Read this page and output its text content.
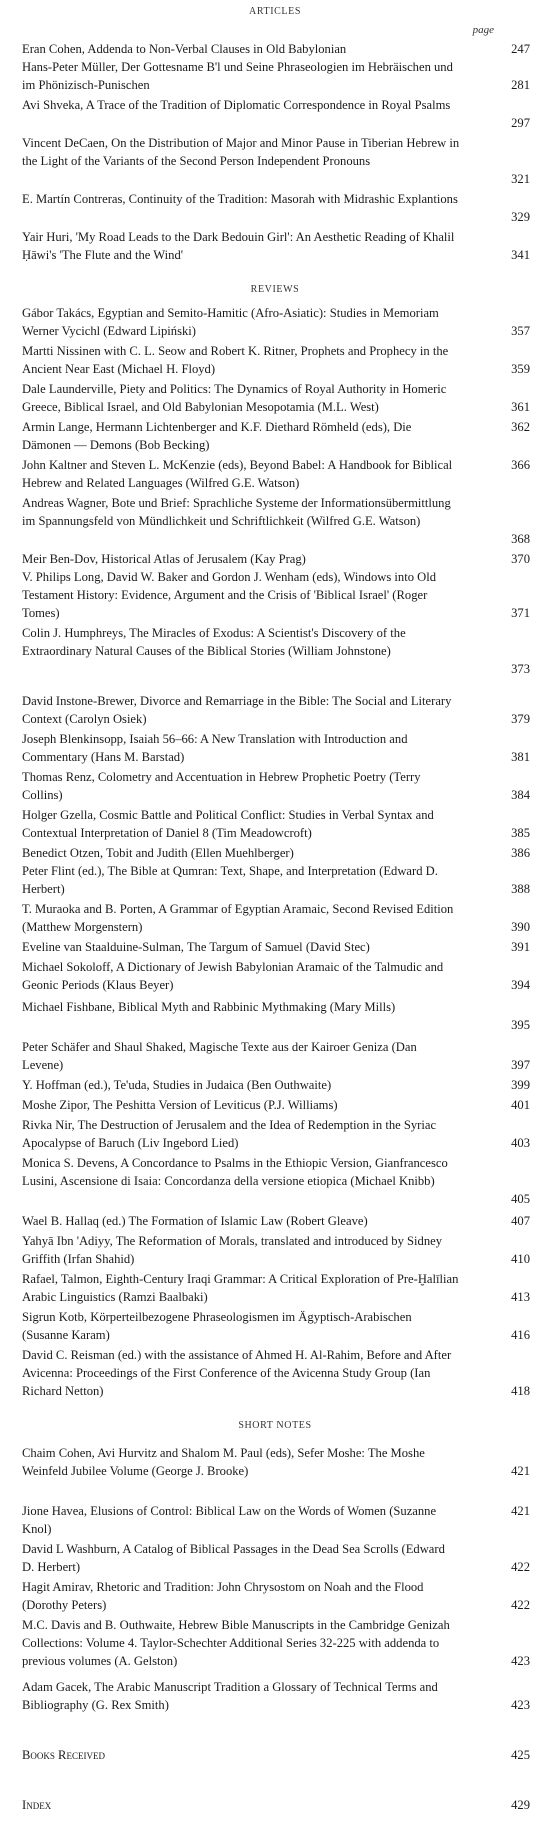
ARTICLES
page
Eran Cohen, Addenda to Non-Verbal Clauses in Old Babylonian	247
Hans-Peter Müller, Der Gottesname B'l und Seine Phraseologien im Hebräischen und im Phönizisch-Punischen	281
Avi Shveka, A Trace of the Tradition of Diplomatic Correspondence in Royal Psalms
297
Vincent DeCaen, On the Distribution of Major and Minor Pause in Tiberian Hebrew in the Light of the Variants of the Second Person Independent Pronouns
321
E. Martín Contreras, Continuity of the Tradition: Masorah with Midrashic Explantions
329
Yair Huri, 'My Road Leads to the Dark Bedouin Girl': An Aesthetic Reading of Khalil Ḥāwi's 'The Flute and the Wind'	341
REVIEWS
Gábor Takács, Egyptian and Semito-Hamitic (Afro-Asiatic): Studies in Memoriam Werner Vycichl (Edward Lipiński)	357
Martti Nissinen with C. L. Seow and Robert K. Ritner, Prophets and Prophecy in the Ancient Near East (Michael H. Floyd)	359
Dale Launderville, Piety and Politics: The Dynamics of Royal Authority in Homeric Greece, Biblical Israel, and Old Babylonian Mesopotamia (M.L. West)	361
Armin Lange, Hermann Lichtenberger and K.F. Diethard Römheld (eds), Die Dämonen — Demons (Bob Becking)
362
John Kaltner and Steven L. McKenzie (eds), Beyond Babel: A Handbook for Biblical Hebrew and Related Languages (Wilfred G.E. Watson)
366
Andreas Wagner, Bote und Brief: Sprachliche Systeme der Informationsübermittlung im Spannungsfeld von Mündlichkeit und Schriftlichkeit (Wilfred G.E. Watson)
368
Meir Ben-Dov, Historical Atlas of Jerusalem (Kay Prag)	370
V. Philips Long, David W. Baker and Gordon J. Wenham (eds), Windows into Old Testament History: Evidence, Argument and the Crisis of 'Biblical Israel' (Roger Tomes)	371
Colin J. Humphreys, The Miracles of Exodus: A Scientist's Discovery of the Extraordinary Natural Causes of the Biblical Stories (William Johnstone)
373
David Instone-Brewer, Divorce and Remarriage in the Bible: The Social and Literary Context (Carolyn Osiek)	379
Joseph Blenkinsopp, Isaiah 56–66: A New Translation with Introduction and Commentary (Hans M. Barstad)	381
Thomas Renz, Colometry and Accentuation in Hebrew Prophetic Poetry (Terry Collins)	384
Holger Gzella, Cosmic Battle and Political Conflict: Studies in Verbal Syntax and Contextual Interpretation of Daniel 8 (Tim Meadowcroft)	385
Benedict Otzen, Tobit and Judith (Ellen Muehlberger)	386
Peter Flint (ed.), The Bible at Qumran: Text, Shape, and Interpretation (Edward D. Herbert)	388
T. Muraoka and B. Porten, A Grammar of Egyptian Aramaic, Second Revised Edition (Matthew Morgenstern)	390
Eveline van Staalduine-Sulman, The Targum of Samuel (David Stec)	391
Michael Sokoloff, A Dictionary of Jewish Babylonian Aramaic of the Talmudic and Geonic Periods (Klaus Beyer)	394
Michael Fishbane, Biblical Myth and Rabbinic Mythmaking (Mary Mills)
395
Peter Schäfer and Shaul Shaked, Magische Texte aus der Kairoer Geniza (Dan Levene)	397
Y. Hoffman (ed.), Te'uda, Studies in Judaica (Ben Outhwaite)	399
Moshe Zipor, The Peshitta Version of Leviticus (P.J. Williams)	401
Rivka Nir, The Destruction of Jerusalem and the Idea of Redemption in the Syriac Apocalypse of Baruch (Liv Ingebord Lied)	403
Monica S. Devens, A Concordance to Psalms in the Ethiopic Version, Gianfrancesco Lusini, Ascensione di Isaia: Concordanza della versione etiopica (Michael Knibb)
405
Wael B. Hallaq (ed.) The Formation of Islamic Law (Robert Gleave)	407
Yahyā Ibn 'Adiyy, The Reformation of Morals, translated and introduced by Sidney Griffith (Irfan Shahid)	410
Rafael, Talmon, Eighth-Century Iraqi Grammar: A Critical Exploration of Pre-Ḫalīlian Arabic Linguistics (Ramzi Baalbaki)	413
Sigrun Kotb, Körperteilbezogene Phraseologismen im Ägyptisch-Arabischen (Susanne Karam)	416
David C. Reisman (ed.) with the assistance of Ahmed H. Al-Rahim, Before and After Avicenna: Proceedings of the First Conference of the Avicenna Study Group (Ian Richard Netton)	418
SHORT NOTES
Chaim Cohen, Avi Hurvitz and Shalom M. Paul (eds), Sefer Moshe: The Moshe Weinfeld Jubilee Volume (George J. Brooke)	421
Jione Havea, Elusions of Control: Biblical Law on the Words of Women (Suzanne Knol)
421
David L Washburn, A Catalog of Biblical Passages in the Dead Sea Scrolls (Edward D. Herbert)	422
Hagit Amirav, Rhetoric and Tradition: John Chrysostom on Noah and the Flood (Dorothy Peters)	422
M.C. Davis and B. Outhwaite, Hebrew Bible Manuscripts in the Cambridge Genizah Collections: Volume 4. Taylor-Schechter Additional Series 32-225 with addenda to previous volumes (A. Gelston)	423
Adam Gacek, The Arabic Manuscript Tradition a Glossary of Technical Terms and Bibliography (G. Rex Smith)	423
Books Received	425
Index	429
